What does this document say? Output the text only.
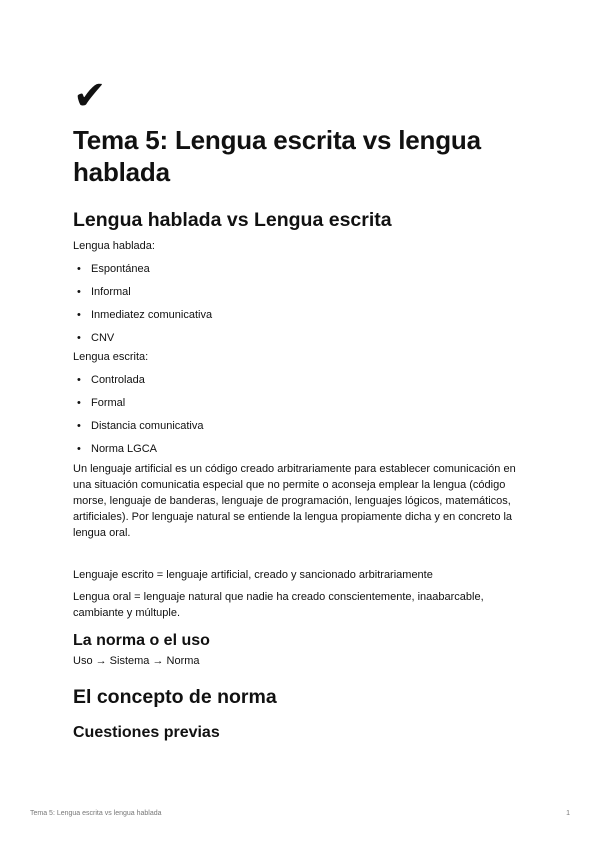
✔
Tema 5: Lengua escrita vs lengua hablada
Lengua hablada vs Lengua escrita

Lengua hablada:

• Espontánea
• Informal
• Inmediatez comunicativa
• CNV

Lengua escrita:

• Controlada
• Formal
• Distancia comunicativa
• Norma LGCA

Un lenguaje artificial es un código creado arbitrariamente para establecer comunicación en una situación comunicatia especial que no permite o aconseja emplear la lengua (código morse, lenguaje de banderas, lenguaje de programación, lenguajes lógicos, matemáticos, artificiales). Por lenguaje natural se entiende la lengua propiamente dicha y en concreto la lengua oral.

Lenguaje escrito = lenguaje artificial, creado y sancionado arbitrariamente

Lengua oral = lenguaje natural que nadie ha creado conscientemente, inaabarcable, cambiante y múltuple.

La norma o el uso

Uso → Sistema → Norma

El concepto de norma
Cuestiones previas
Tema 5: Lengua escrita vs lengua hablada	1
